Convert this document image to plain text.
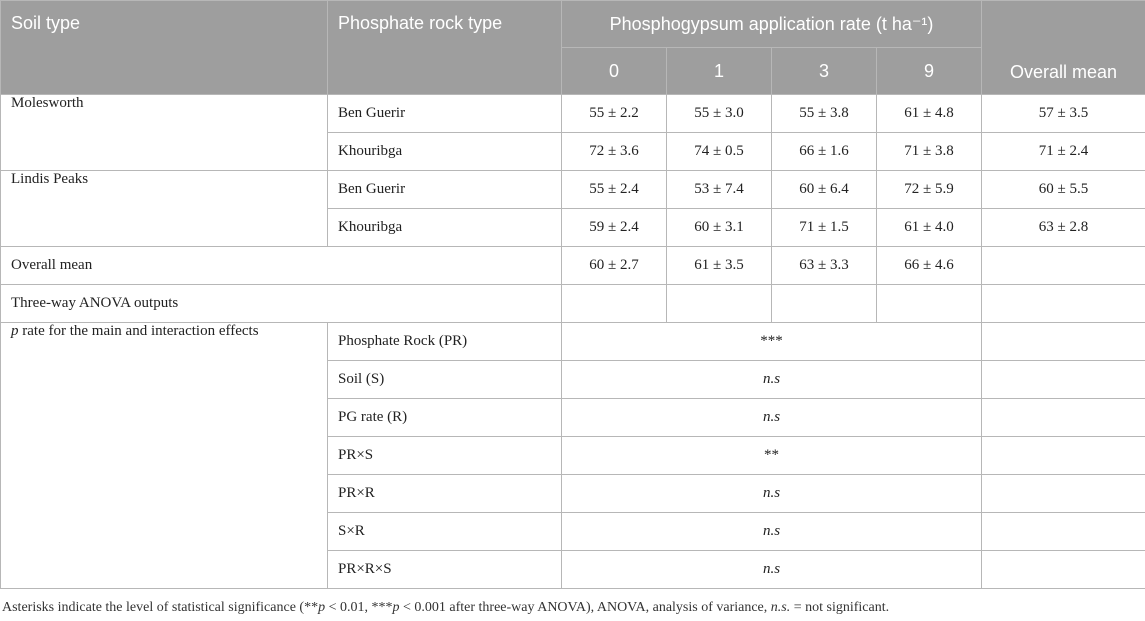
Soil type	Phosphate rock type	Phosphogypsum application rate (t ha⁻¹)				Overall mean
		0	1	3	9	
Molesworth	Ben Guerir	55 ± 2.2	55 ± 3.0	55 ± 3.8	61 ± 4.8	57 ± 3.5
	Khouribga	72 ± 3.6	74 ± 0.5	66 ± 1.6	71 ± 3.8	71 ± 2.4
Lindis Peaks	Ben Guerir	55 ± 2.4	53 ± 7.4	60 ± 6.4	72 ± 5.9	60 ± 5.5
	Khouribga	59 ± 2.4	60 ± 3.1	71 ± 1.5	61 ± 4.0	63 ± 2.8
Overall mean		60 ± 2.7	61 ± 3.5	63 ± 3.3	66 ± 4.6	
Three-way ANOVA outputs						
p rate for the main and interaction effects	Phosphate Rock (PR)	***				
	Soil (S)	n.s				
	PG rate (R)	n.s				
	PR×S	**				
	PR×R	n.s				
	S×R	n.s				
	PR×R×S	n.s				
Asterisks indicate the level of statistical significance (**p < 0.01, ***p < 0.001 after three-way ANOVA), ANOVA, analysis of variance, n.s. = not significant.
